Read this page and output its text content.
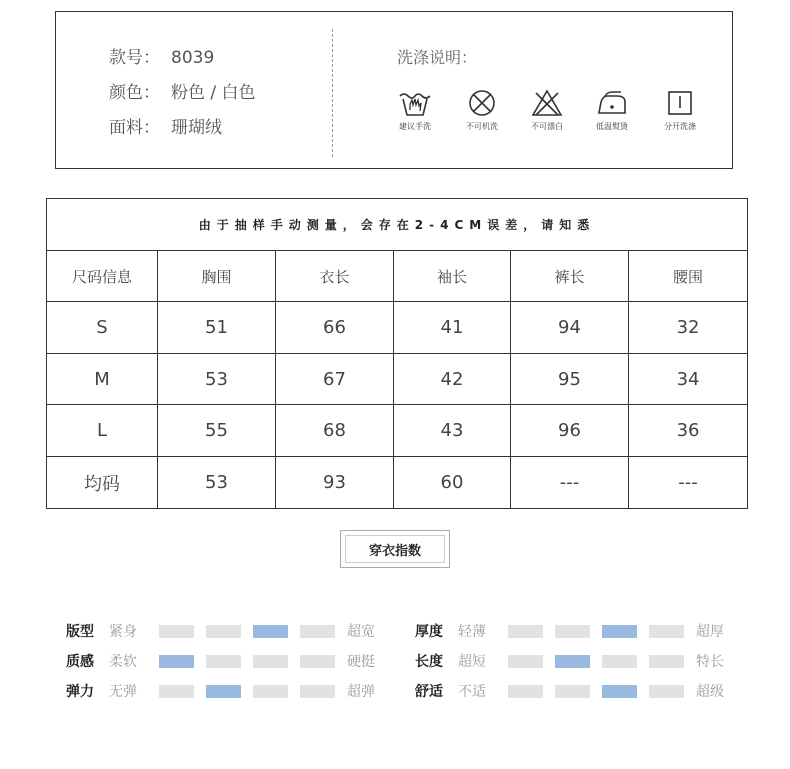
款号： 8039
颜色： 粉色 / 白色
面料： 珊瑚绒
洗涤说明：
建议手洗	不可机洗	不可漂白	低温熨烫	分开洗涤
由于抽样手动测量，会存在2-4CM误差，请知悉					
尺码信息	胸围	衣长	袖长	裤长	腰围
S	51	66	41	94	32
M	53	67	42	95	34
L	55	68	43	96	36
均码	53	93	60	---	---
穿衣指数
版型	紧身	超宽
质感	柔软	硬挺
弹力	无弹	超弹
厚度	轻薄	超厚
长度	超短	特长
舒适	不适	超级
